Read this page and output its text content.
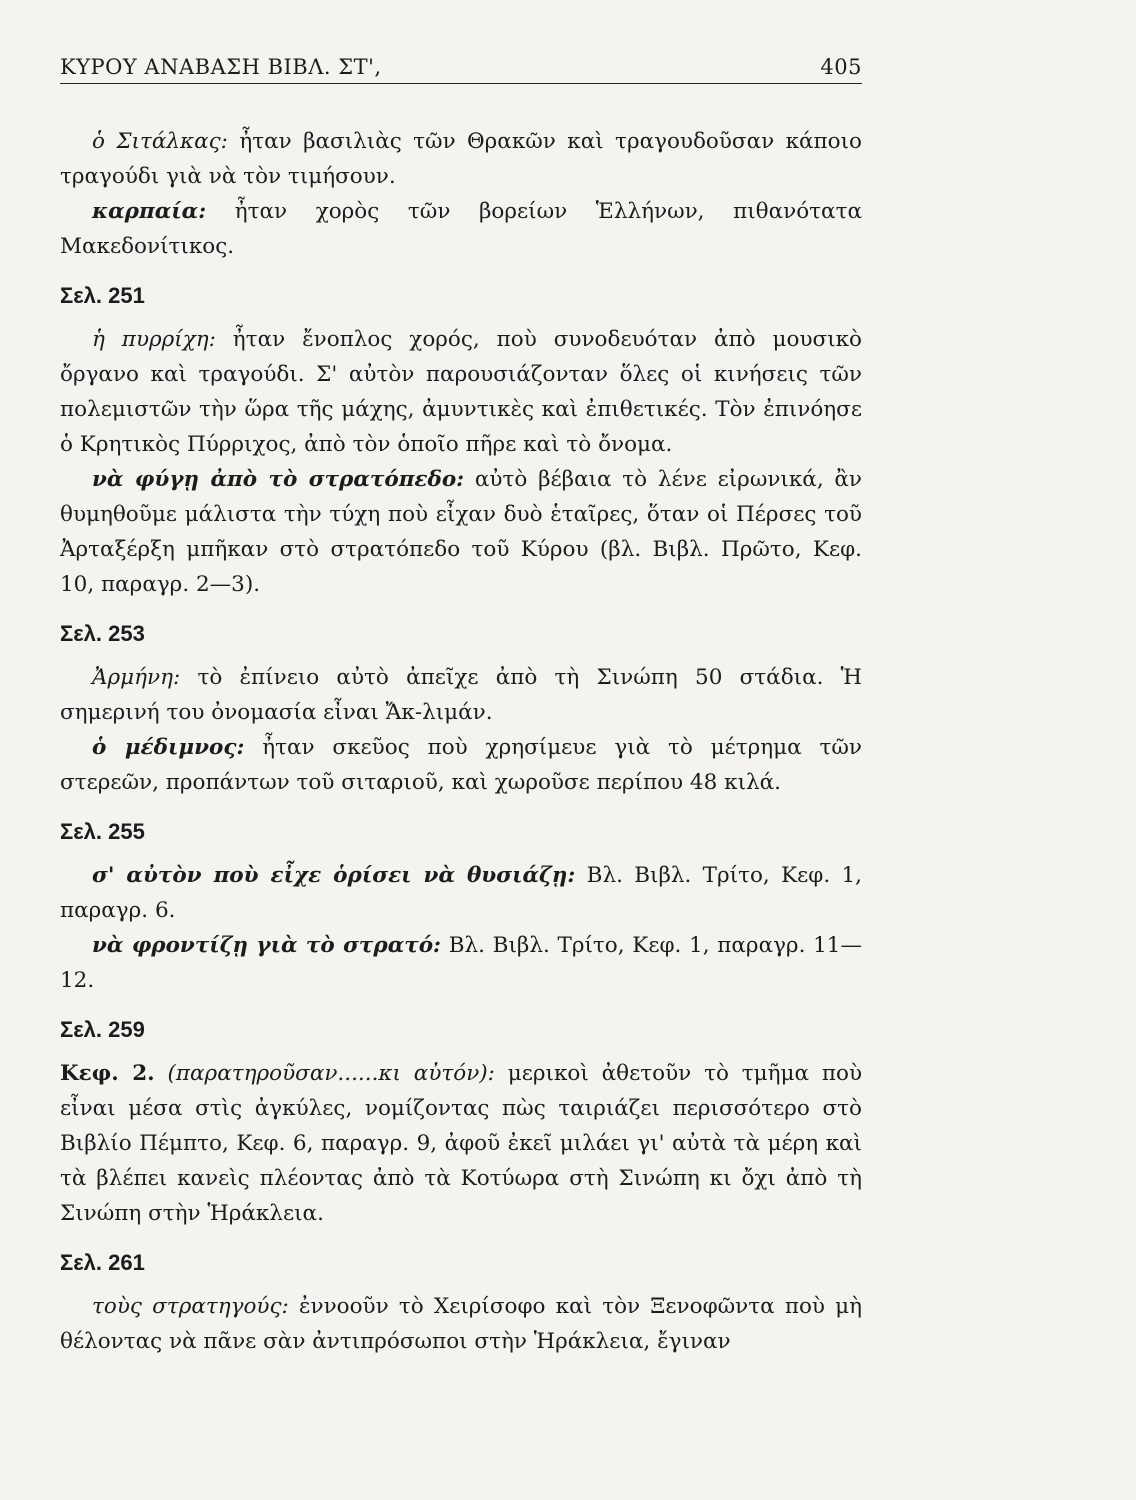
ΚΥΡΟΥ ΑΝΑΒΑΣΗ ΒΙΒΛ. ΣΤ',	405

ὁ Σιτάλκας: ἦταν βασιλιὰς τῶν Θρακῶν καὶ τραγουδοῦσαν κάποιο τραγούδι γιὰ νὰ τὸν τιμήσουν.

καρπαία: ἦταν χορὸς τῶν βορείων Ἑλλήνων, πιθανότατα Μακεδονίτικος.

Σελ. 251

ἡ πυρρίχη: ἦταν ἔνοπλος χορός, ποὺ συνοδευόταν ἀπὸ μουσικὸ ὄργανο καὶ τραγούδι. Σ' αὐτὸν παρουσιάζονταν ὅλες οἱ κινήσεις τῶν πολεμιστῶν τὴν ὥρα τῆς μάχης, ἀμυντικὲς καὶ ἐπιθετικές. Τὸν ἐπινόησε ὁ Κρητικὸς Πύρριχος, ἀπὸ τὸν ὁποῖο πῆρε καὶ τὸ ὄνομα.

νὰ φύγῃ ἀπὸ τὸ στρατόπεδο: αὐτὸ βέβαια τὸ λένε εἰρωνικά, ἂν θυμηθοῦμε μάλιστα τὴν τύχη ποὺ εἶχαν δυὸ ἑταῖρες, ὅταν οἱ Πέρσες τοῦ Ἀρταξέρξη μπῆκαν στὸ στρατόπεδο τοῦ Κύρου (βλ. Βιβλ. Πρῶτο, Κεφ. 10, παραγρ. 2—3).

Σελ. 253

Ἀρμήνη: τὸ ἐπίνειο αὐτὸ ἀπεῖχε ἀπὸ τὴ Σινώπη 50 στάδια. Ἡ σημερινή του ὀνομασία εἶναι Ἄκ-λιμάν.

ὁ μέδιμνος: ἦταν σκεῦος ποὺ χρησίμευε γιὰ τὸ μέτρημα τῶν στερεῶν, προπάντων τοῦ σιταριοῦ, καὶ χωροῦσε περίπου 48 κιλά.

Σελ. 255

σ' αὐτὸν ποὺ εἶχε ὁρίσει νὰ θυσιάζῃ: Βλ. Βιβλ. Τρίτο, Κεφ. 1, παραγρ. 6.

νὰ φροντίζῃ γιὰ τὸ στρατό: Βλ. Βιβλ. Τρίτο, Κεφ. 1, παραγρ. 11—12.

Σελ. 259

Κεφ. 2. (παρατηροῦσαν......κι αὐτόν): μερικοὶ ἀθετοῦν τὸ τμῆμα ποὺ εἶναι μέσα στὶς ἀγκύλες, νομίζοντας πὼς ταιριάζει περισσότερο στὸ Βιβλίο Πέμπτο, Κεφ. 6, παραγρ. 9, ἀφοῦ ἐκεῖ μιλάει γι' αὐτὰ τὰ μέρη καὶ τὰ βλέπει κανεὶς πλέοντας ἀπὸ τὰ Κοτύωρα στὴ Σινώπη κι ὄχι ἀπὸ τὴ Σινώπη στὴν Ἡράκλεια.

Σελ. 261

τοὺς στρατηγούς: ἐννοοῦν τὸ Χειρίσοφο καὶ τὸν Ξενοφῶντα ποὺ μὴ θέλοντας νὰ πᾶνε σὰν ἀντιπρόσωποι στὴν Ἡράκλεια, ἔγιναν
